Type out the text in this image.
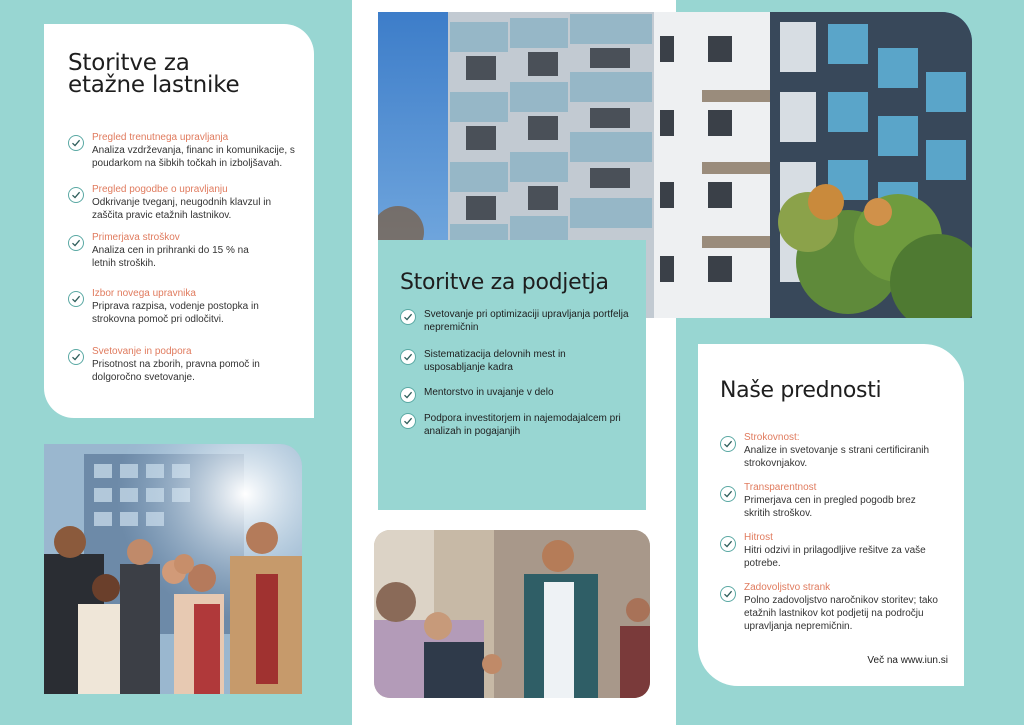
Storitve za etažne lastnike
Pregled trenutnega upravljanja
Analiza vzdrževanja, financ in komunikacije, s poudarkom na šibkih točkah in izboljšavah.
Pregled pogodbe o upravljanju
Odkrivanje tveganj, neugodnih klavzul in zaščita pravic etažnih lastnikov.
Primerjava stroškov
Analiza cen in prihranki do 15 % na letnih stroških.
Izbor novega upravnika
Priprava razpisa, vodenje postopka in strokovna pomoč pri odločitvi.
Svetovanje in podpora
Prisotnost na zborih, pravna pomoč in dolgoročno svetovanje.
Storitve za podjetja
Svetovanje pri optimizaciji upravljanja portfelja nepremičnin
Sistematizacija delovnih mest in usposabljanje kadra
Mentorstvo in uvajanje v delo
Podpora investitorjem in najemodajalcem pri analizah in pogajanjih
Naše prednosti
Strokovnost:
Analize in svetovanje s strani certificiranih strokovnjakov.
Transparentnost
Primerjava cen in pregled pogodb brez skritih stroškov.
Hitrost
Hitri odzivi in prilagodljive rešitve za vaše potrebe.
Zadovoljstvo strank
Polno zadovoljstvo naročnikov storitev; tako etažnih lastnikov kot podjetij na področju upravljanja nepremičnin.
Več na www.iun.si
